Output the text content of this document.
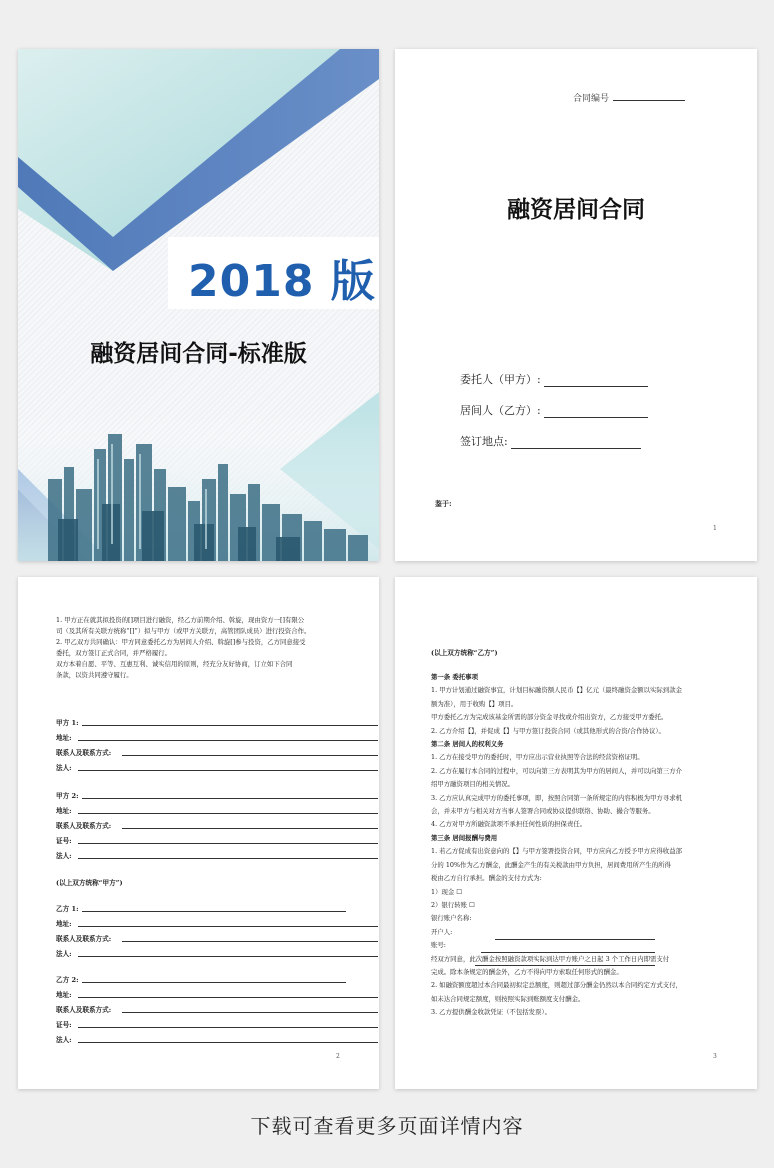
2018 版
融资居间合同-标准版
合同编号
融资居间合同
委托人（甲方）:
居间人（乙方）:
签订地点:
鉴于:
1
1. 甲方正在就其拟投资的[]项目进行融资，经乙方前期介绍、斡旋，现由资方一[]有限公
司（及其所有关联方统称“[]”）拟与甲方（或甲方关联方，高管团队成员）进行投资合作。
2. 甲乙双方共同确认：甲方同意委托乙方为居间人介绍、斡旋[]参与投资，乙方同意接受
委托，双方签订正式合同，并严格履行。
双方本着自愿、平等、互惠互利、诚实信用的原则，经充分友好协商，订立如下合同
条款，以资共同遵守履行。
甲方 1:
地址:
联系人及联系方式:
法人:
甲方 2:
地址:
联系人及联系方式:
证号:
法人:
(以上双方统称“甲方”)
乙方 1:
地址:
联系人及联系方式:
法人:
乙方 2:
地址:
联系人及联系方式:
证号:
法人:
2
(以上双方统称“乙方”)
第一条 委托事项
1. 甲方计划通过融资事宜，计划目标融资额人民币【】亿元（最终融资金额以实际到款金
额为准），用于收购【】项目。
甲方委托乙方为完成该基金所需的部分资金寻找或介绍出资方，乙方接受甲方委托。
2. 乙方介绍【】，并促成【】与甲方签订投资合同（或其他形式的合资/合作协议）。
第二条 居间人的权利义务
1. 乙方在接受甲方的委托时，甲方应出示营业执照等合法的经营资格证明。
2. 乙方在履行本合同的过程中，可以向第三方表明其为甲方的居间人，并可以向第三方介
绍甲方融资项目的相关情况。
3. 乙方应认真完成甲方的委托事项，即，按照合同第一条所规定的内容积极为甲方寻求机
会，并未甲方与相关对方当事人签署合同或协议提供联络、协助、撮合等服务。
4. 乙方对甲方所融资款项不承担任何性质的担保责任。
第三条 居间报酬与费用
1. 若乙方促成有出资意向的【】与甲方签署投资合同，甲方应向乙方授予甲方应得收益部
分的 10%作为乙方酬金，此酬金产生的有关税款由甲方负担，居间费用所产生的所得
税由乙方自行承担。酬金的支付方式为:
1）现金 ☐
2）银行转账 ☐
银行账户名称:
开户人:
账号:
经双方同意，此次酬金按照融资款项实际到达甲方账户之日起 3 个工作日内即需支付
完成。除本条规定的酬金外，乙方不得向甲方索取任何形式的酬金。
2. 如融资额度超过本合同最初拟定总额度，则超过部分酬金仍然以本合同约定方式支付，
如未达合同规定额度，则按照实际到账额度支付酬金。
3. 乙方提供酬金收款凭证（不包括发票）。
3
下载可查看更多页面详情内容
